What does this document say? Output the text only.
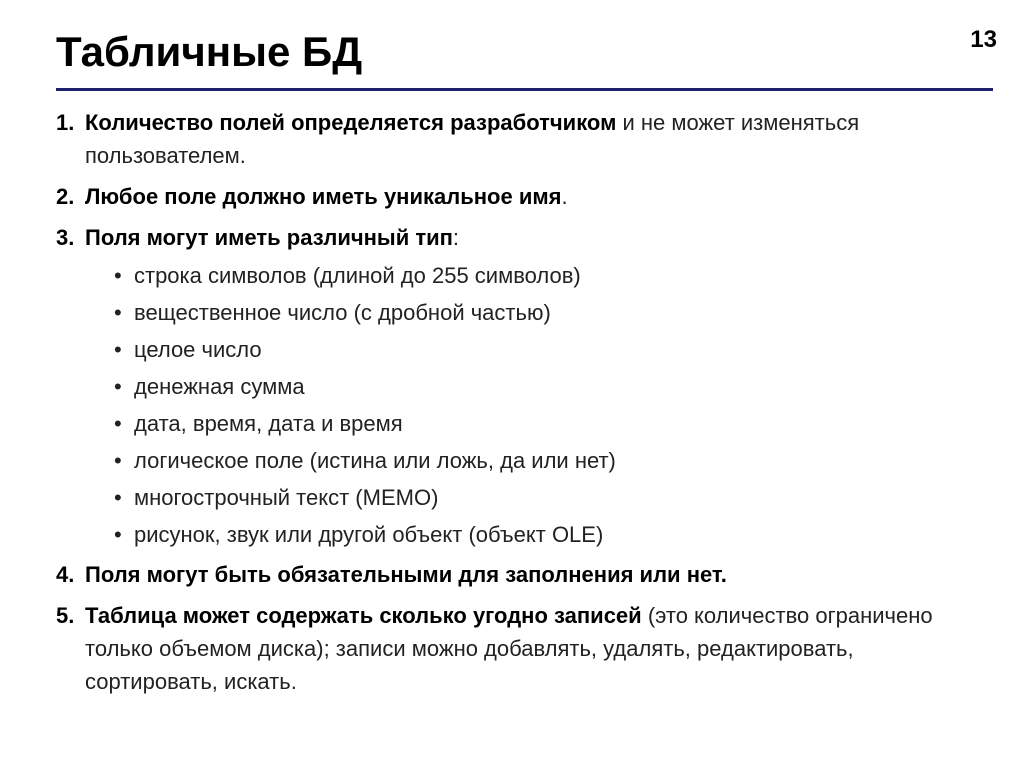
Табличные БД	13
1. Количество полей определяется разработчиком и не может изменяться пользователем.
2. Любое поле должно иметь уникальное имя.
3. Поля могут иметь различный тип:
• строка символов (длиной до 255 символов)
• вещественное число (с дробной частью)
• целое число
• денежная сумма
• дата, время, дата и время
• логическое поле (истина или ложь, да или нет)
• многострочный текст (МЕМО)
• рисунок, звук или другой объект (объект OLE)
4. Поля могут быть обязательными для заполнения или нет.
5. Таблица может содержать сколько угодно записей (это количество ограничено только объемом диска); записи можно добавлять, удалять, редактировать, сортировать, искать.
